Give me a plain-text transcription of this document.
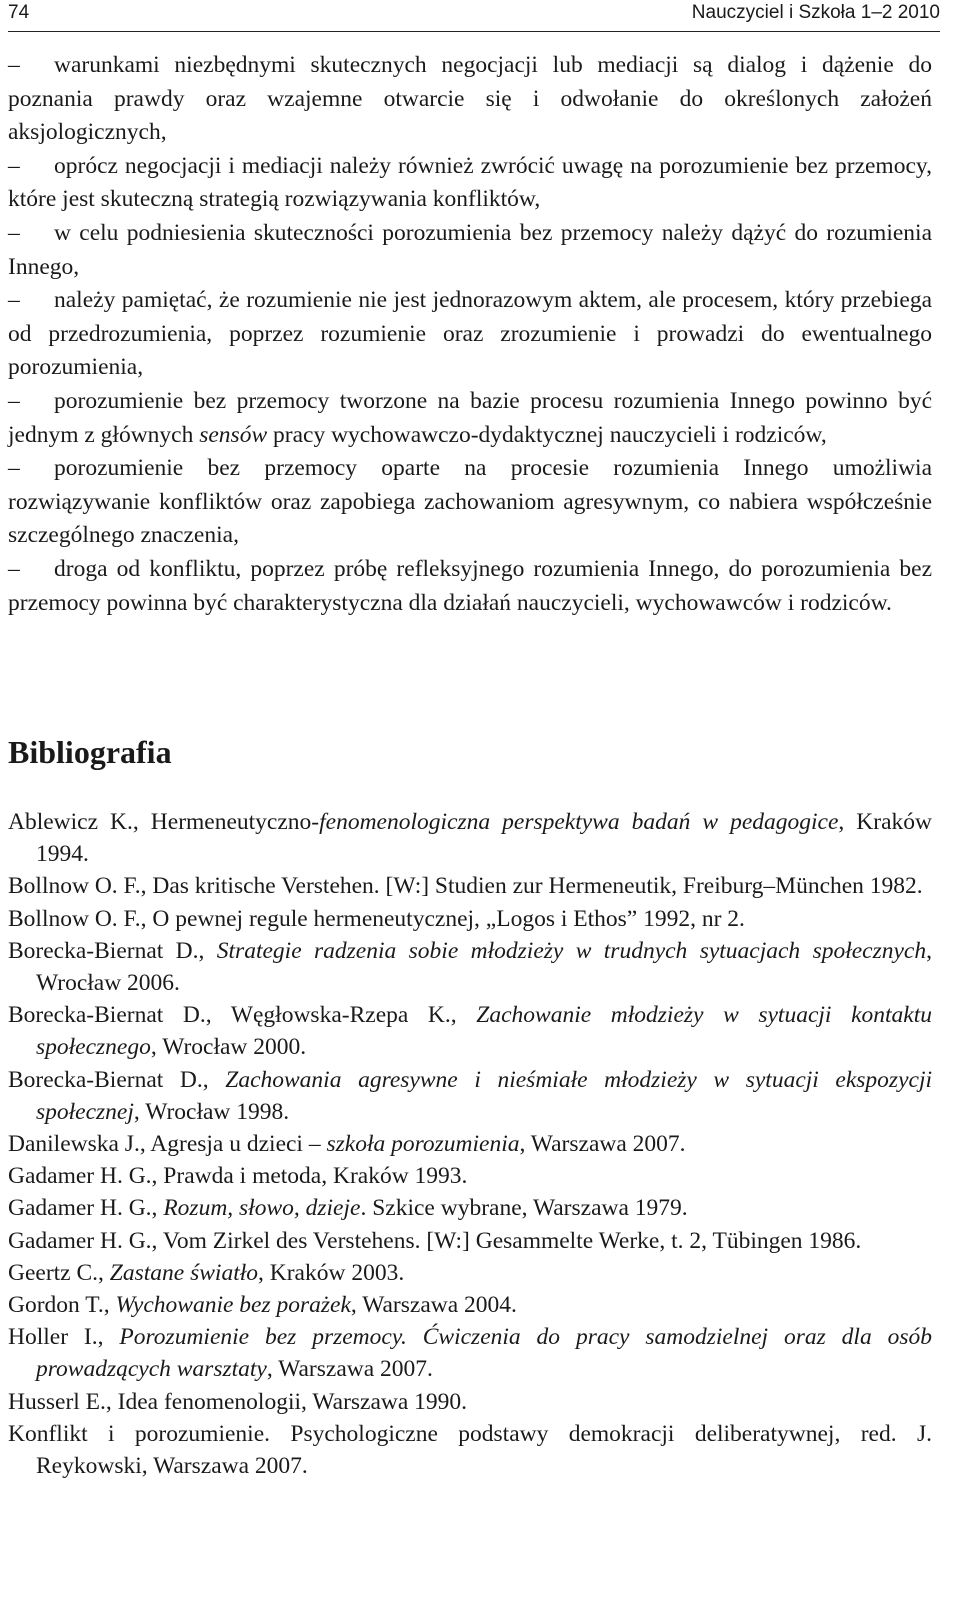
74	Nauczyciel i Szkoła 1–2 2010

– warunkami niezbędnymi skutecznych negocjacji lub mediacji są dialog i dążenie do poznania prawdy oraz wzajemne otwarcie się i odwołanie do określonych założeń aksjologicznych,

– oprócz negocjacji i mediacji należy również zwrócić uwagę na porozumienie bez przemocy, które jest skuteczną strategią rozwiązywania konfliktów,

– w celu podniesienia skuteczności porozumienia bez przemocy należy dążyć do rozumienia Innego,

– należy pamiętać, że rozumienie nie jest jednorazowym aktem, ale procesem, który przebiega od przedrozumienia, poprzez rozumienie oraz zrozumienie i prowadzi do ewentualnego porozumienia,

– porozumienie bez przemocy tworzone na bazie procesu rozumienia Innego powinno być jednym z głównych sensów pracy wychowawczo-dydaktycznej nauczycieli i rodziców,

– porozumienie bez przemocy oparte na procesie rozumienia Innego umożliwia rozwiązywanie konfliktów oraz zapobiega zachowaniom agresywnym, co nabiera współcześnie szczególnego znaczenia,

– droga od konfliktu, poprzez próbę refleksyjnego rozumienia Innego, do porozumienia bez przemocy powinna być charakterystyczna dla działań nauczycieli, wychowawców i rodziców.

Bibliografia

Ablewicz K., Hermeneutyczno-fenomenologiczna perspektywa badań w pedagogice, Kraków 1994.

Bollnow O. F., Das kritische Verstehen. [W:] Studien zur Hermeneutik, Freiburg–München 1982.

Bollnow O. F., O pewnej regule hermeneutycznej, „Logos i Ethos” 1992, nr 2.

Borecka-Biernat D., Strategie radzenia sobie młodzieży w trudnych sytuacjach społecznych, Wrocław 2006.

Borecka-Biernat D., Węgłowska-Rzepa K., Zachowanie młodzieży w sytuacji kontaktu społecznego, Wrocław 2000.

Borecka-Biernat D., Zachowania agresywne i nieśmiałe młodzieży w sytuacji ekspozycji społecznej, Wrocław 1998.

Danilewska J., Agresja u dzieci – szkoła porozumienia, Warszawa 2007.

Gadamer H. G., Prawda i metoda, Kraków 1993.

Gadamer H. G., Rozum, słowo, dzieje. Szkice wybrane, Warszawa 1979.

Gadamer H. G., Vom Zirkel des Verstehens. [W:] Gesammelte Werke, t. 2, Tübingen 1986.

Geertz C., Zastane światło, Kraków 2003.

Gordon T., Wychowanie bez porażek, Warszawa 2004.

Holler I., Porozumienie bez przemocy. Ćwiczenia do pracy samodzielnej oraz dla osób prowadzących warsztaty, Warszawa 2007.

Husserl E., Idea fenomenologii, Warszawa 1990.

Konflikt i porozumienie. Psychologiczne podstawy demokracji deliberatywnej, red. J. Reykowski, Warszawa 2007.
